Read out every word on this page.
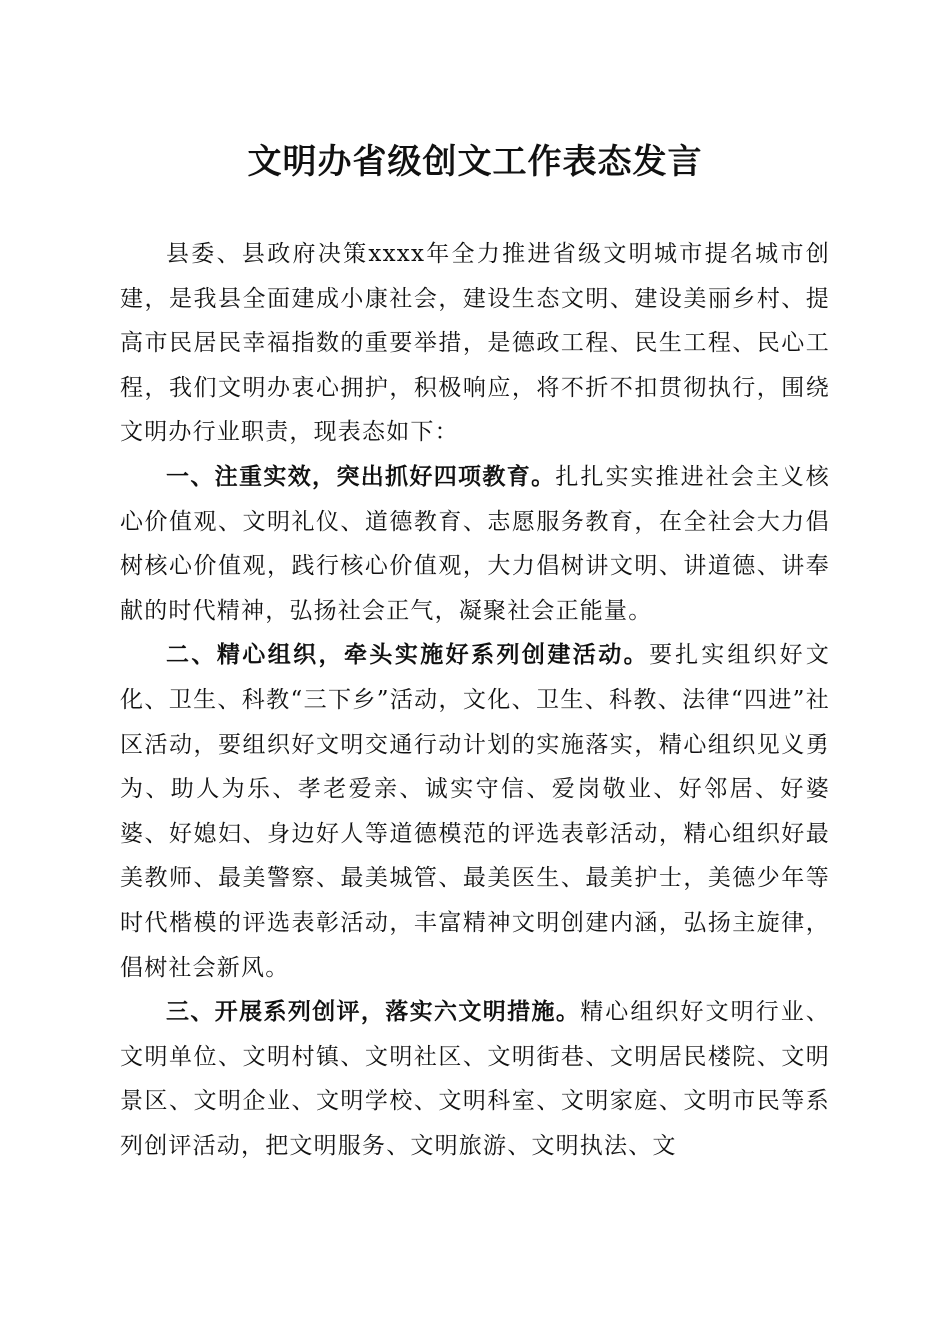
文明办省级创文工作表态发言

县委、县政府决策xxxx年全力推进省级文明城市提名城市创建，是我县全面建成小康社会，建设生态文明、建设美丽乡村、提高市民居民幸福指数的重要举措，是德政工程、民生工程、民心工程，我们文明办衷心拥护，积极响应，将不折不扣贯彻执行，围绕文明办行业职责，现表态如下：

一、注重实效，突出抓好四项教育。扎扎实实推进社会主义核心价值观、文明礼仪、道德教育、志愿服务教育，在全社会大力倡树核心价值观，践行核心价值观，大力倡树讲文明、讲道德、讲奉献的时代精神，弘扬社会正气，凝聚社会正能量。

二、精心组织，牵头实施好系列创建活动。要扎实组织好文化、卫生、科教“三下乡”活动，文化、卫生、科教、法律“四进”社区活动，要组织好文明交通行动计划的实施落实，精心组织见义勇为、助人为乐、孝老爱亲、诚实守信、爱岗敬业、好邻居、好婆婆、好媳妇、身边好人等道德模范的评选表彰活动，精心组织好最美教师、最美警察、最美城管、最美医生、最美护士，美德少年等时代楷模的评选表彰活动，丰富精神文明创建内涵，弘扬主旋律，倡树社会新风。

三、开展系列创评，落实六文明措施。精心组织好文明行业、文明单位、文明村镇、文明社区、文明街巷、文明居民楼院、文明景区、文明企业、文明学校、文明科室、文明家庭、文明市民等系列创评活动，把文明服务、文明旅游、文明执法、文
